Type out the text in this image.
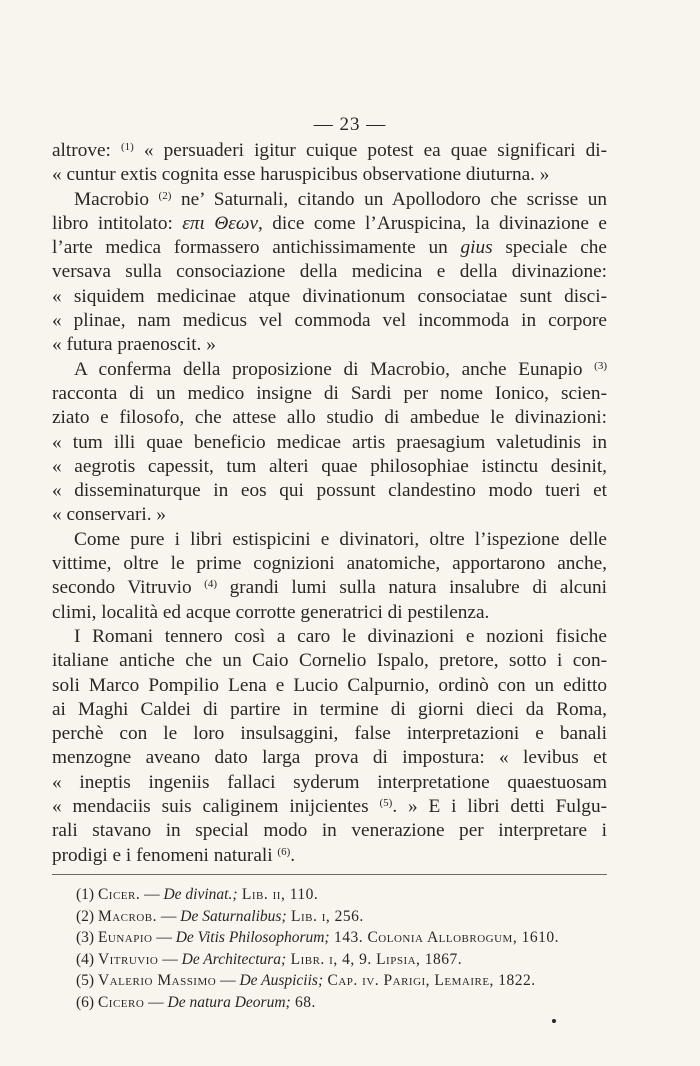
— 23 —
altrove: $^{(1)}$ « persuaderi igitur cuique potest ea quae significari di-
« cuntur extis cognita esse haruspicibus observatione diuturna. »
Macrobio $^{(2)}$ ne’ Saturnali, citando un Apollodoro che scrisse un
libro intitolato: επι Θεων, dice come l’Aruspicina, la divinazione e
l’arte medica formassero antichissimamente un gius speciale che
versava sulla consociazione della medicina e della divinazione:
« siquidem medicinae atque divinationum consociatae sunt disci-
« plinae, nam medicus vel commoda vel incommoda in corpore
« futura praenoscit. »
A conferma della proposizione di Macrobio, anche Eunapio $^{(3)}$
racconta di un medico insigne di Sardi per nome Ionico, scien-
ziato e filosofo, che attese allo studio di ambedue le divinazioni:
« tum illi quae beneficio medicae artis praesagium valetudinis in
« aegrotis capessit, tum alteri quae philosophiae istinctu desinit,
« disseminaturque in eos qui possunt clandestino modo tueri et
« conservari. »
Come pure i libri estispicini e divinatori, oltre l’ispezione delle
vittime, oltre le prime cognizioni anatomiche, apportarono anche,
secondo Vitruvio $^{(4)}$ grandi lumi sulla natura insalubre di alcuni
climi, località ed acque corrotte generatrici di pestilenza.
I Romani tennero così a caro le divinazioni e nozioni fisiche
italiane antiche che un Caio Cornelio Ispalo, pretore, sotto i con-
soli Marco Pompilio Lena e Lucio Calpurnio, ordinò con un editto
ai Maghi Caldei di partire in termine di giorni dieci da Roma,
perchè con le loro insulsaggini, false interpretazioni e banali
menzogne aveano dato larga prova di impostura: « levibus et
« ineptis ingeniis fallaci syderum interpretatione quaestuosam
« mendaciis suis caliginem inijcientes $^{(5)}$. » E i libri detti Fulgu-
rali stavano in special modo in venerazione per interpretare i
prodigi e i fenomeni naturali $^{(6)}$.
(1) Cicer. — De divinat.; Lib. ii, 110.
(2) Macrob. — De Saturnalibus; Lib. i, 256.
(3) Eunapio — De Vitis Philosophorum; 143. Colonia Allobrogum, 1610.
(4) Vitruvio — De Architectura; Libr. i, 4, 9. Lipsia, 1867.
(5) Valerio Massimo — De Auspiciis; Cap. iv. Parigi, Lemaire, 1822.
(6) Cicero — De natura Deorum; 68.
